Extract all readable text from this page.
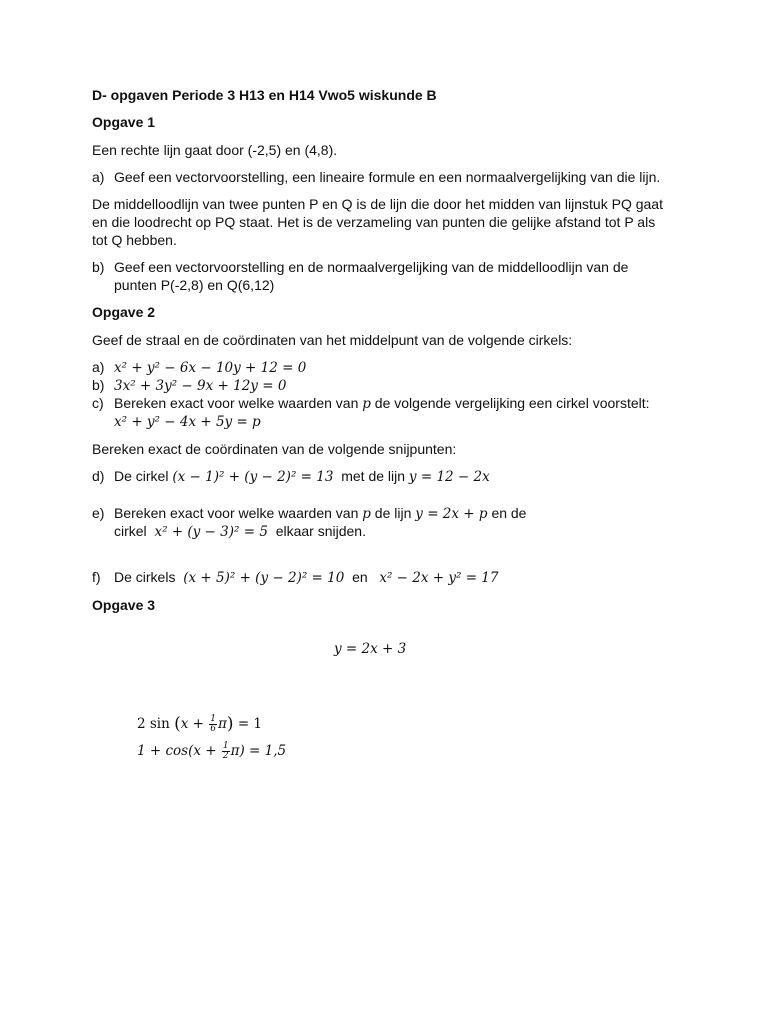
D- opgaven Periode 3 H13 en H14 Vwo5 wiskunde B
Opgave 1
Een rechte lijn gaat door (-2,5) en (4,8).
a) Geef een vectorvoorstelling, een lineaire formule en een normaalvergelijking van die lijn.
De middelloodlijn van twee punten P en Q is de lijn die door het midden van lijnstuk PQ gaat
en die loodrecht op PQ staat. Het is de verzameling van punten die gelijke afstand tot P als
tot Q hebben.
b) Geef een vectorvoorstelling en de normaalvergelijking van de middelloodlijn van de
punten P(-2,8) en Q(6,12)
Opgave 2
Geef de straal en de coördinaten van het middelpunt van de volgende cirkels:
a) x² + y² − 6x − 10y + 12 = 0
b) 3x² + 3y² − 9x + 12y = 0
c) Bereken exact voor welke waarden van p de volgende vergelijking een cirkel voorstelt:
x² + y² − 4x + 5y = p
Bereken exact de coördinaten van de volgende snijpunten:
d) De cirkel (x − 1)² + (y − 2)² = 13 met de lijn y = 12 − 2x
e) Bereken exact voor welke waarden van p de lijn y = 2x + p en de
cirkel x² + (y − 3)² = 5 elkaar snijden.
f) De cirkels (x + 5)² + (y − 2)² = 10 en x² − 2x + y² = 17
Opgave 3
y = 2x + 3
2 $\sin (x + \frac{1}{6} \pi) = 1$
$1 + \cos(x + \frac{1}{2} \pi) = 1,5$
